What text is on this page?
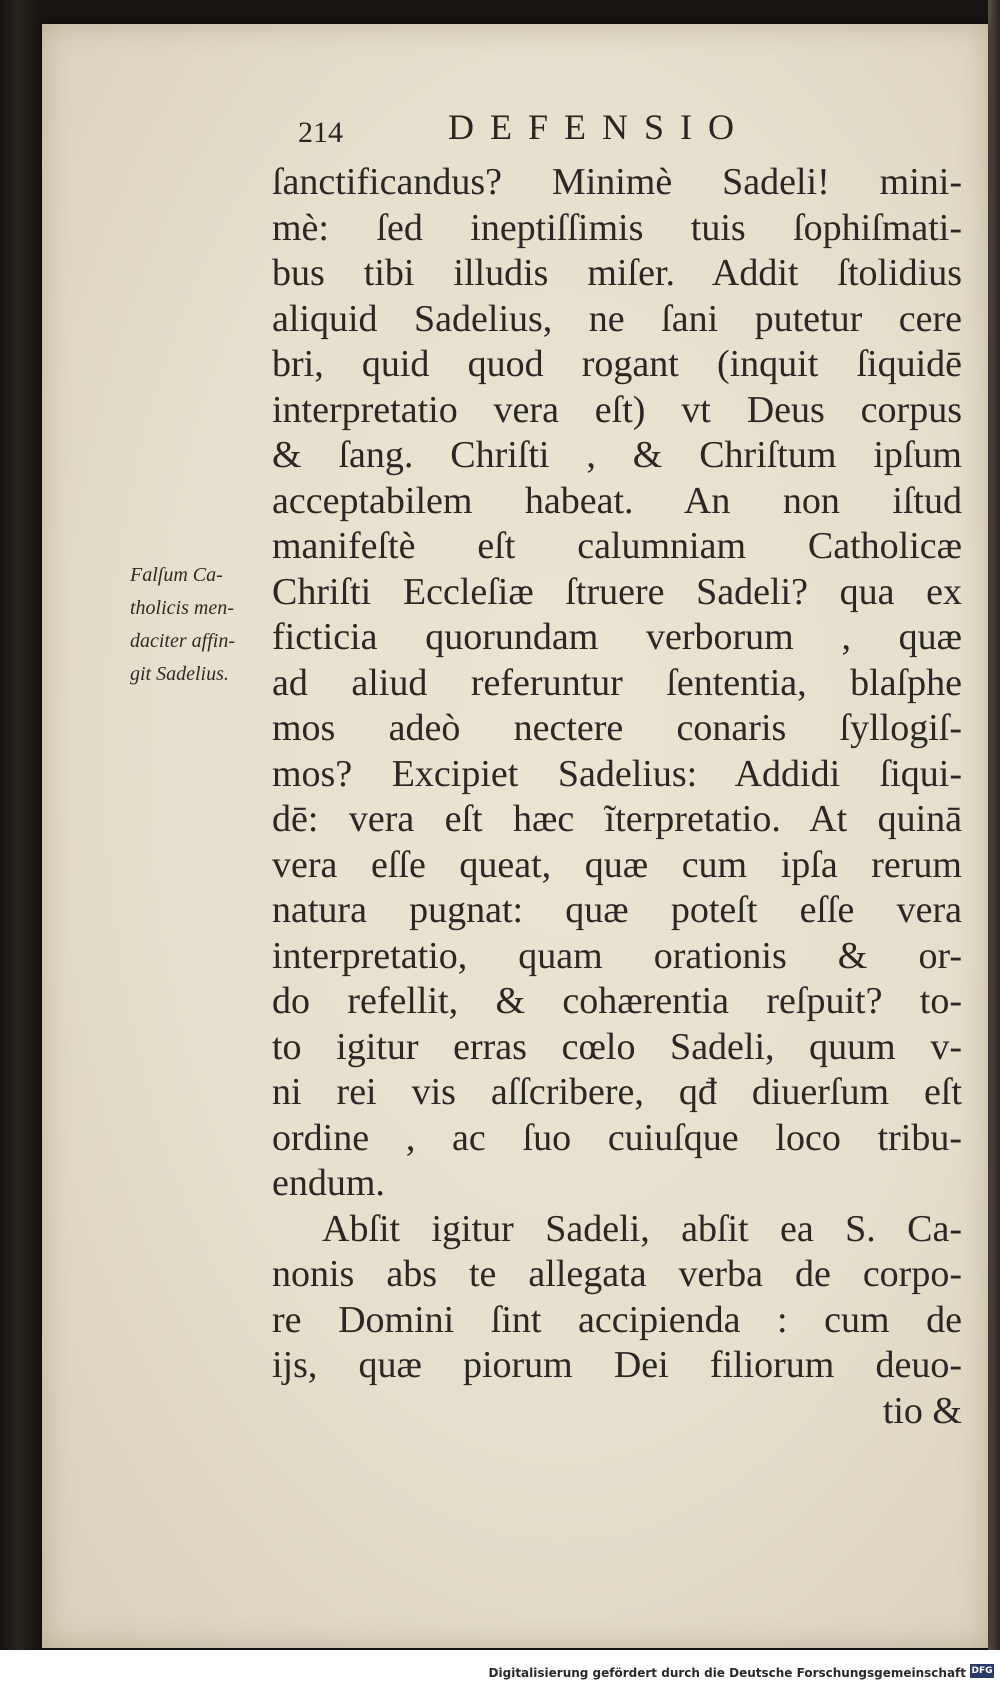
214	DEFENSIO
Falſum Ca-
tholicis men-
daciter affin-
git Sadelius.
ſanctificandus? Minimè Sadeli! mini-
mè: ſed ineptiſſimis tuis ſophiſmati-
bus tibi illudis miſer. Addit ſtolidius
aliquid Sadelius, ne ſani putetur cere
bri, quid quod rogant (inquit ſiquidē
interpretatio vera eſt) vt Deus corpus
& ſang. Chriſti , & Chriſtum ipſum
acceptabilem habeat. An non iſtud
manifeſtè eſt calumniam Catholicæ
Chriſti Eccleſiæ ſtruere Sadeli? qua ex
ficticia quorundam verborum , quæ
ad aliud referuntur ſententia, blaſphe
mos adeò nectere conaris ſyllogiſ-
mos? Excipiet Sadelius: Addidi ſiqui-
dē: vera eſt hæc ĩterpretatio. At quinā
vera eſſe queat, quæ cum ipſa rerum
natura pugnat: quæ poteſt eſſe vera
interpretatio, quam orationis & or-
do refellit, & cohærentia reſpuit? to-
to igitur erras cœlo Sadeli, quum v-
ni rei vis aſſcribere, qđ diuerſum eſt
ordine , ac ſuo cuiuſque loco tribu-
endum.
Abſit igitur Sadeli, abſit ea S. Ca-
nonis abs te allegata verba de corpo-
re Domini ſint accipienda : cum de
ijs, quæ piorum Dei filiorum deuo-
tio &
Digitalisierung gefördert durch die Deutsche Forschungsgemeinschaft DFG
